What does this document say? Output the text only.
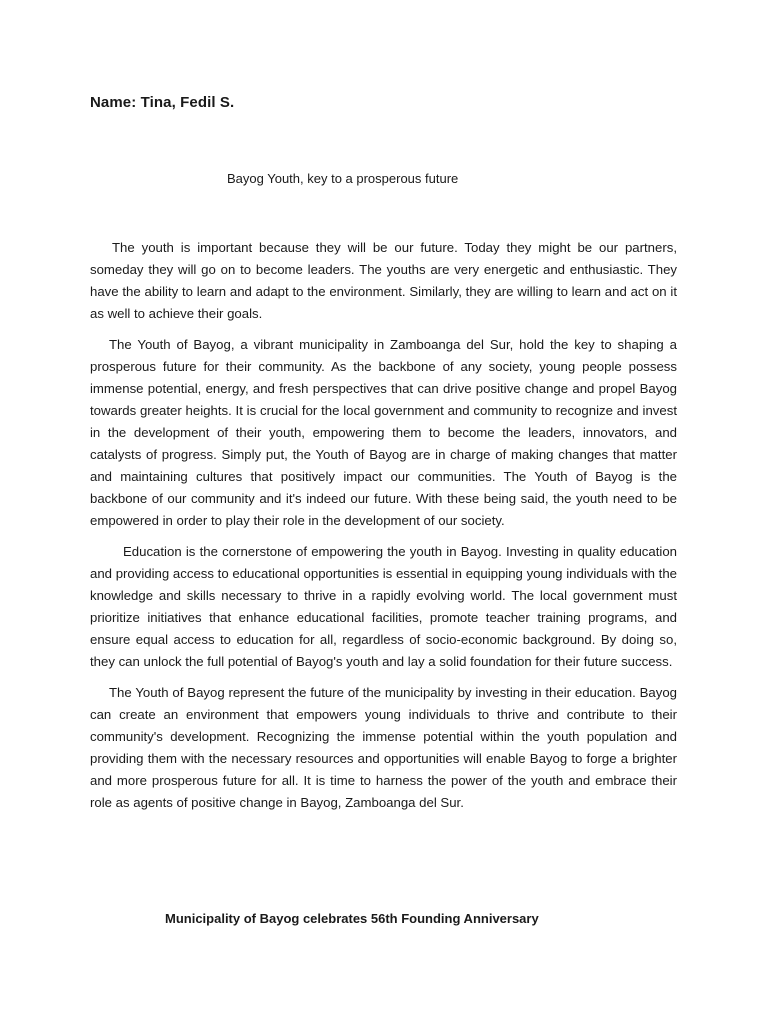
Name: Tina, Fedil S.

Bayog Youth, key to a prosperous future

The youth is important because they will be our future. Today they might be our partners, someday they will go on to become leaders. The youths are very energetic and enthusiastic. They have the ability to learn and adapt to the environment. Similarly, they are willing to learn and act on it as well to achieve their goals.

The Youth of Bayog, a vibrant municipality in Zamboanga del Sur, hold the key to shaping a prosperous future for their community. As the backbone of any society, young people possess immense potential, energy, and fresh perspectives that can drive positive change and propel Bayog towards greater heights. It is crucial for the local government and community to recognize and invest in the development of their youth, empowering them to become the leaders, innovators, and catalysts of progress. Simply put, the Youth of Bayog are in charge of making changes that matter and maintaining cultures that positively impact our communities. The Youth of Bayog is the backbone of our community and it's indeed our future. With these being said, the youth need to be empowered in order to play their role in the development of our society.

Education is the cornerstone of empowering the youth in Bayog. Investing in quality education and providing access to educational opportunities is essential in equipping young individuals with the knowledge and skills necessary to thrive in a rapidly evolving world. The local government must prioritize initiatives that enhance educational facilities, promote teacher training programs, and ensure equal access to education for all, regardless of socio-economic background. By doing so, they can unlock the full potential of Bayog's youth and lay a solid foundation for their future success.

The Youth of Bayog represent the future of the municipality by investing in their education. Bayog can create an environment that empowers young individuals to thrive and contribute to their community's development. Recognizing the immense potential within the youth population and providing them with the necessary resources and opportunities will enable Bayog to forge a brighter and more prosperous future for all. It is time to harness the power of the youth and embrace their role as agents of positive change in Bayog, Zamboanga del Sur.

Municipality of Bayog celebrates 56th Founding Anniversary
